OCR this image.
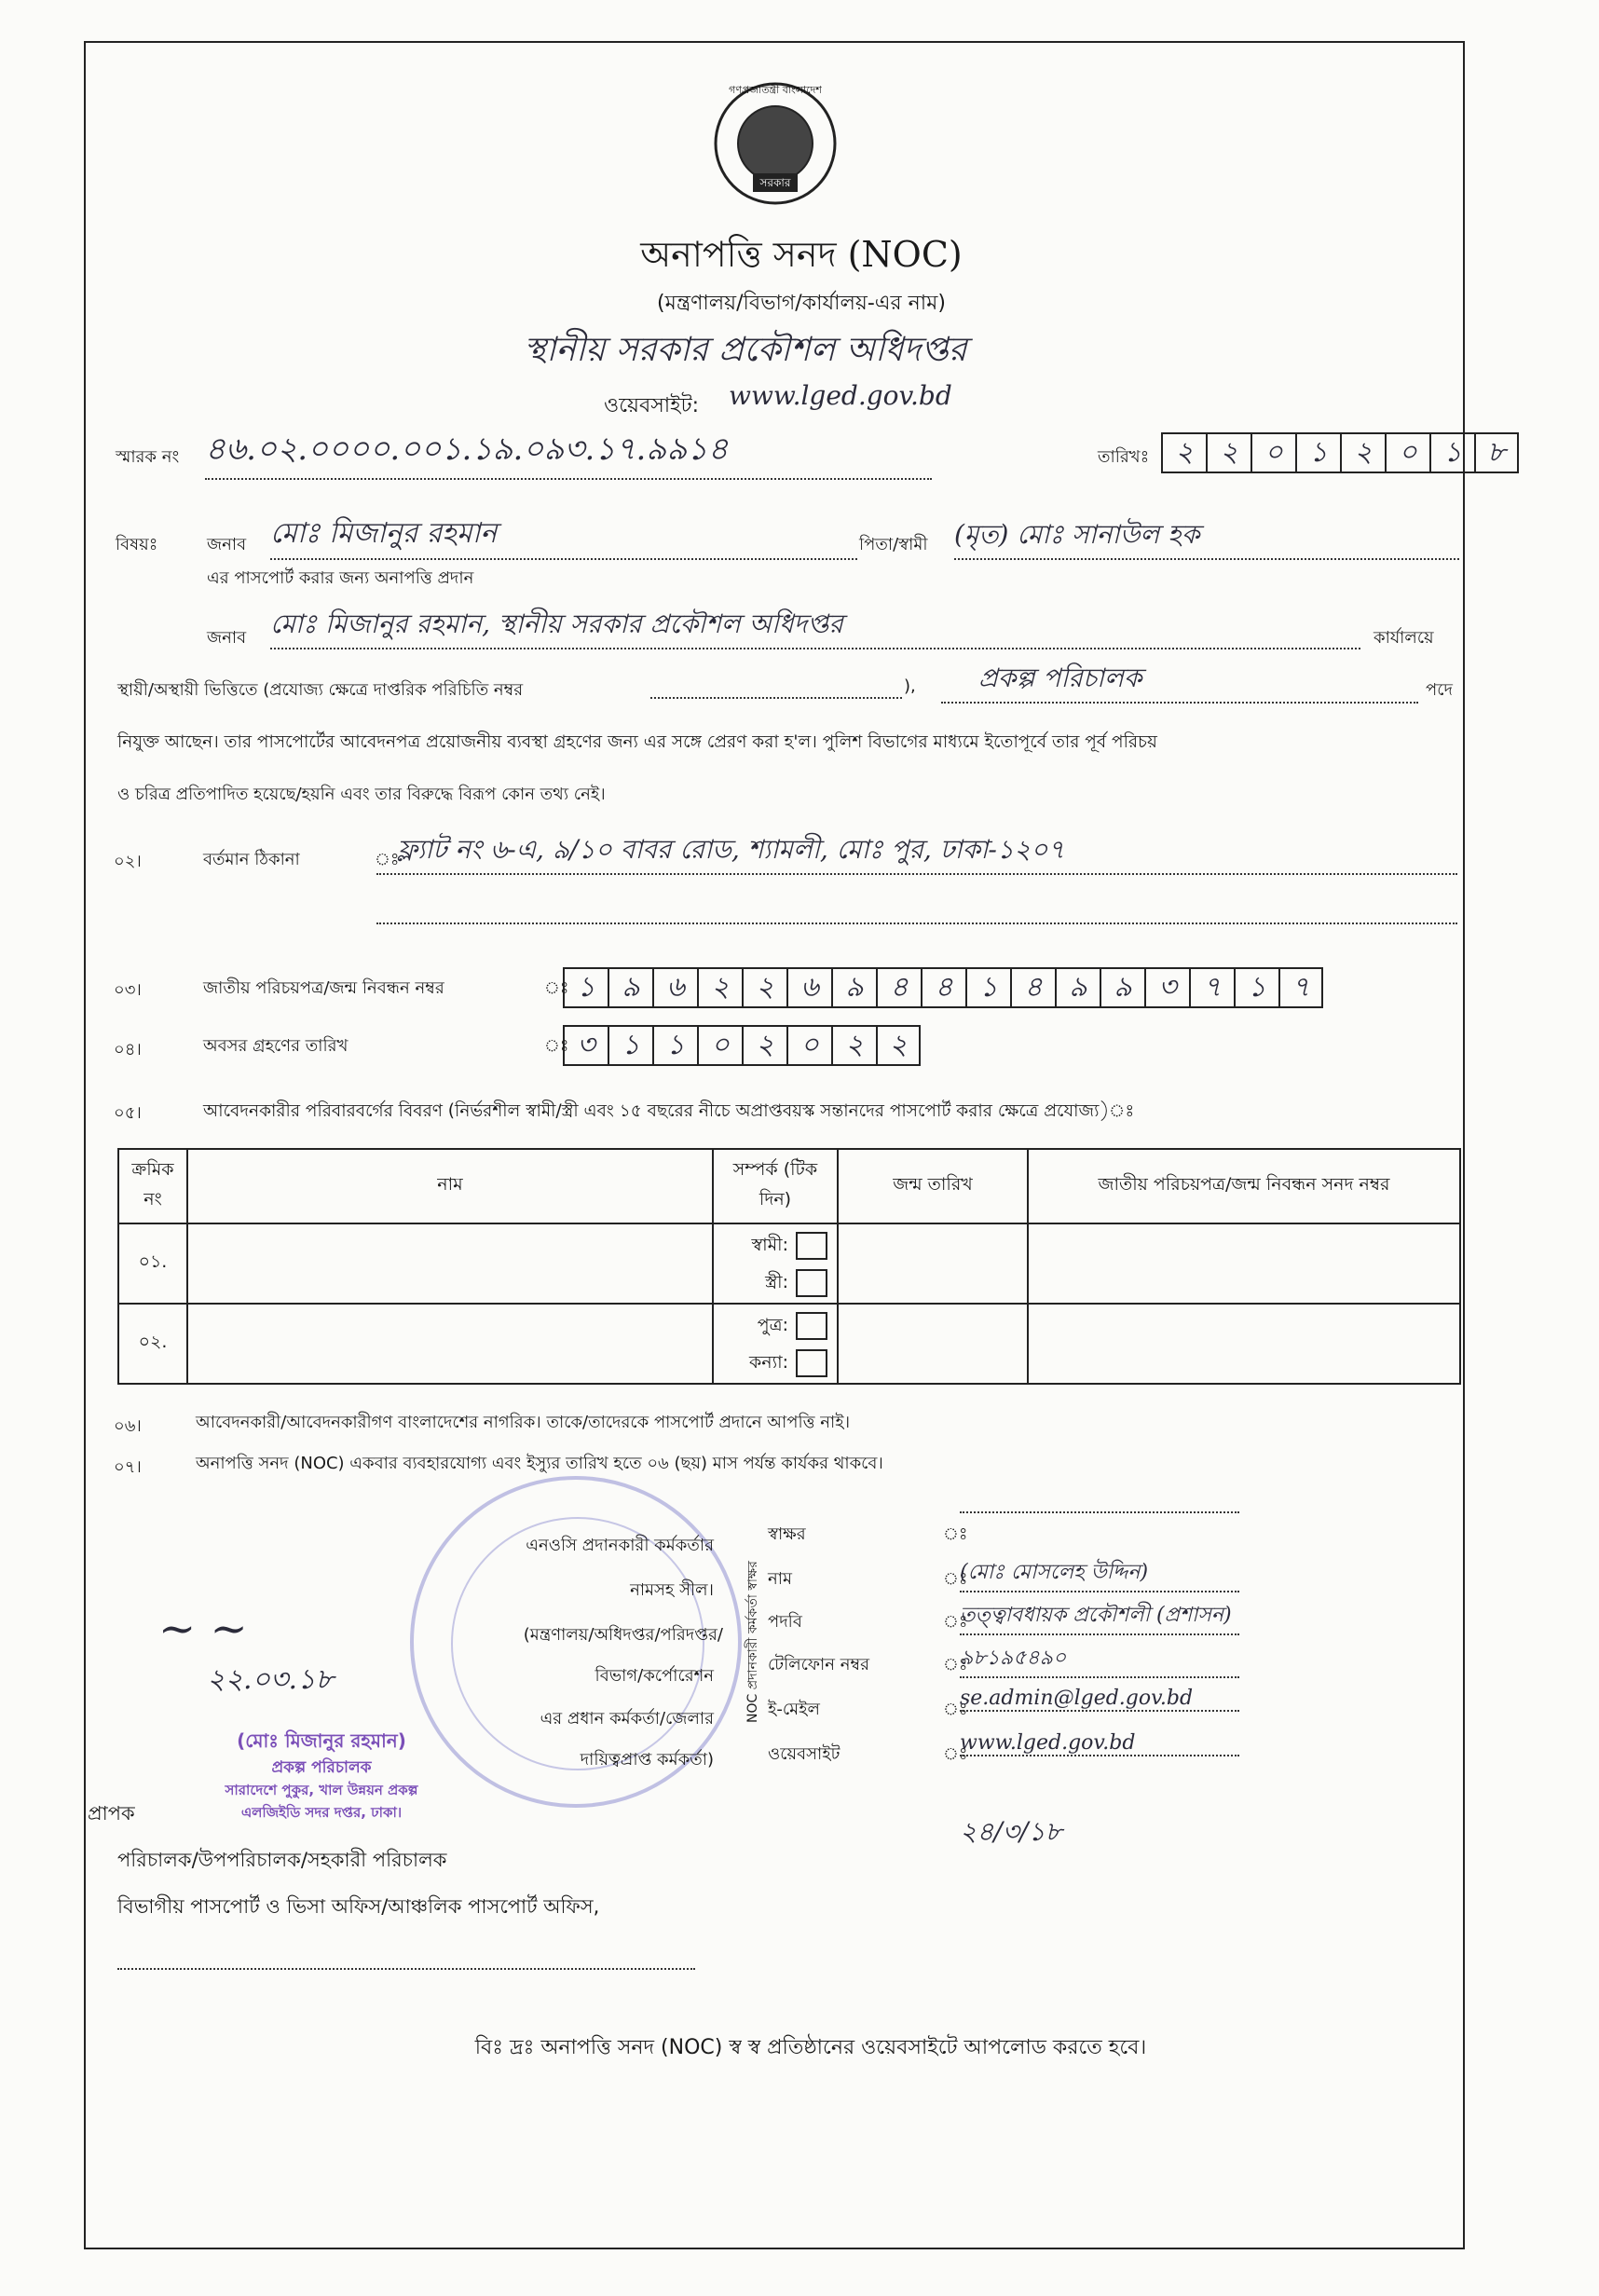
গণপ্রজাতন্ত্রী বাংলাদেশ
সরকার
অনাপত্তি সনদ (NOC)
(মন্ত্রণালয়/বিভাগ/কার্যালয়-এর নাম)
স্থানীয় সরকার প্রকৌশল অধিদপ্তর
ওয়েবসাইট: www.lged.gov.bd
স্মারক নং ৪৬.০২.০০০০.০০১.১৯.০৯৩.১৭.৯৯১৪	তারিখঃ ২ ২ ০ ১ ২ ০ ১ ৮
বিষয়ঃ	জনাব মোঃ মিজানুর রহমান	পিতা/স্বামী (মৃত) মোঃ সানাউল হক
এর পাসপোর্ট করার জন্য অনাপত্তি প্রদান
জনাব মোঃ মিজানুর রহমান, স্থানীয় সরকার প্রকৌশল অধিদপ্তর	কার্যালয়ে
স্থায়ী/অস্থায়ী ভিত্তিতে (প্রযোজ্য ক্ষেত্রে দাপ্তরিক পরিচিতি নম্বর	),	প্রকল্প পরিচালক	পদে
নিযুক্ত আছেন। তার পাসপোর্টের আবেদনপত্র প্রয়োজনীয় ব্যবস্থা গ্রহণের জন্য এর সঙ্গে প্রেরণ করা হ'ল। পুলিশ বিভাগের মাধ্যমে ইতোপূর্বে তার পূর্ব পরিচয়
ও চরিত্র প্রতিপাদিত হয়েছে/হয়নি এবং তার বিরুদ্ধে বিরূপ কোন তথ্য নেই।
০২।	বর্তমান ঠিকানা	ঃ
ফ্ল্যাট নং ৬-এ, ৯/১০ বাবর রোড, শ্যামলী, মোঃ পুর, ঢাকা-১২০৭
০৩।	জাতীয় পরিচয়পত্র/জন্ম নিবন্ধন নম্বর	ঃ ১ ৯ ৬ ২ ২ ৬ ৯ ৪ ৪ ১ ৪ ৯ ৯ ৩ ৭ ১ ৭
০৪।	অবসর গ্রহণের তারিখ	ঃ ৩ ১ ১ ০ ২ ০ ২ ২
০৫।	আবেদনকারীর পরিবারবর্গের বিবরণ (নির্ভরশীল স্বামী/স্ত্রী এবং ১৫ বছরের নীচে অপ্রাপ্তবয়স্ক সন্তানদের পাসপোর্ট করার ক্ষেত্রে প্রযোজ্য)ঃ
ক্রমিক নং	নাম	সম্পর্ক (টিক দিন)	জন্ম তারিখ	জাতীয় পরিচয়পত্র/জন্ম নিবন্ধন সনদ নম্বর
০১.		স্বামী:
স্ত্রী:		
০২.		পুত্র:
কন্যা:		
০৬।	আবেদনকারী/আবেদনকারীগণ বাংলাদেশের নাগরিক। তাকে/তাদেরকে পাসপোর্ট প্রদানে আপত্তি নাই।
০৭।	অনাপত্তি সনদ (NOC) একবার ব্যবহারযোগ্য এবং ইস্যুর তারিখ হতে ০৬ (ছয়) মাস পর্যন্ত কার্যকর থাকবে।
এনওসি প্রদানকারী কর্মকর্তার
নামসহ সীল।
(মন্ত্রণালয়/অধিদপ্তর/পরিদপ্তর/
বিভাগ/কর্পোরেশন
এর প্রধান কর্মকর্তা/জেলার
দায়িত্বপ্রাপ্ত কর্মকর্তা)
NOC প্রদানকারী কর্মকর্তা স্বাক্ষর
স্বাক্ষর	ঃ
নাম	ঃ
(মোঃ মোসলেহ উদ্দিন)
পদবি	ঃ
তত্ত্বাবধায়ক প্রকৌশলী (প্রশাসন)
টেলিফোন নম্বর	ঃ
৯৮১৯৫৪৯০
ই-মেইল	ঃ
se.admin@lged.gov.bd
ওয়েবসাইট	ঃ
www.lged.gov.bd
২৪/৩/১৮
~ ~
২২.০৩.১৮
(মোঃ মিজানুর রহমান)
প্রকল্প পরিচালক
সারাদেশে পুকুর, খাল উন্নয়ন প্রকল্প
এলজিইডি সদর দপ্তর, ঢাকা।
প্রাপক
পরিচালক/উপপরিচালক/সহকারী পরিচালক
বিভাগীয় পাসপোর্ট ও ভিসা অফিস/আঞ্চলিক পাসপোর্ট অফিস,
বিঃ দ্রঃ অনাপত্তি সনদ (NOC) স্ব স্ব প্রতিষ্ঠানের ওয়েবসাইটে আপলোড করতে হবে।
